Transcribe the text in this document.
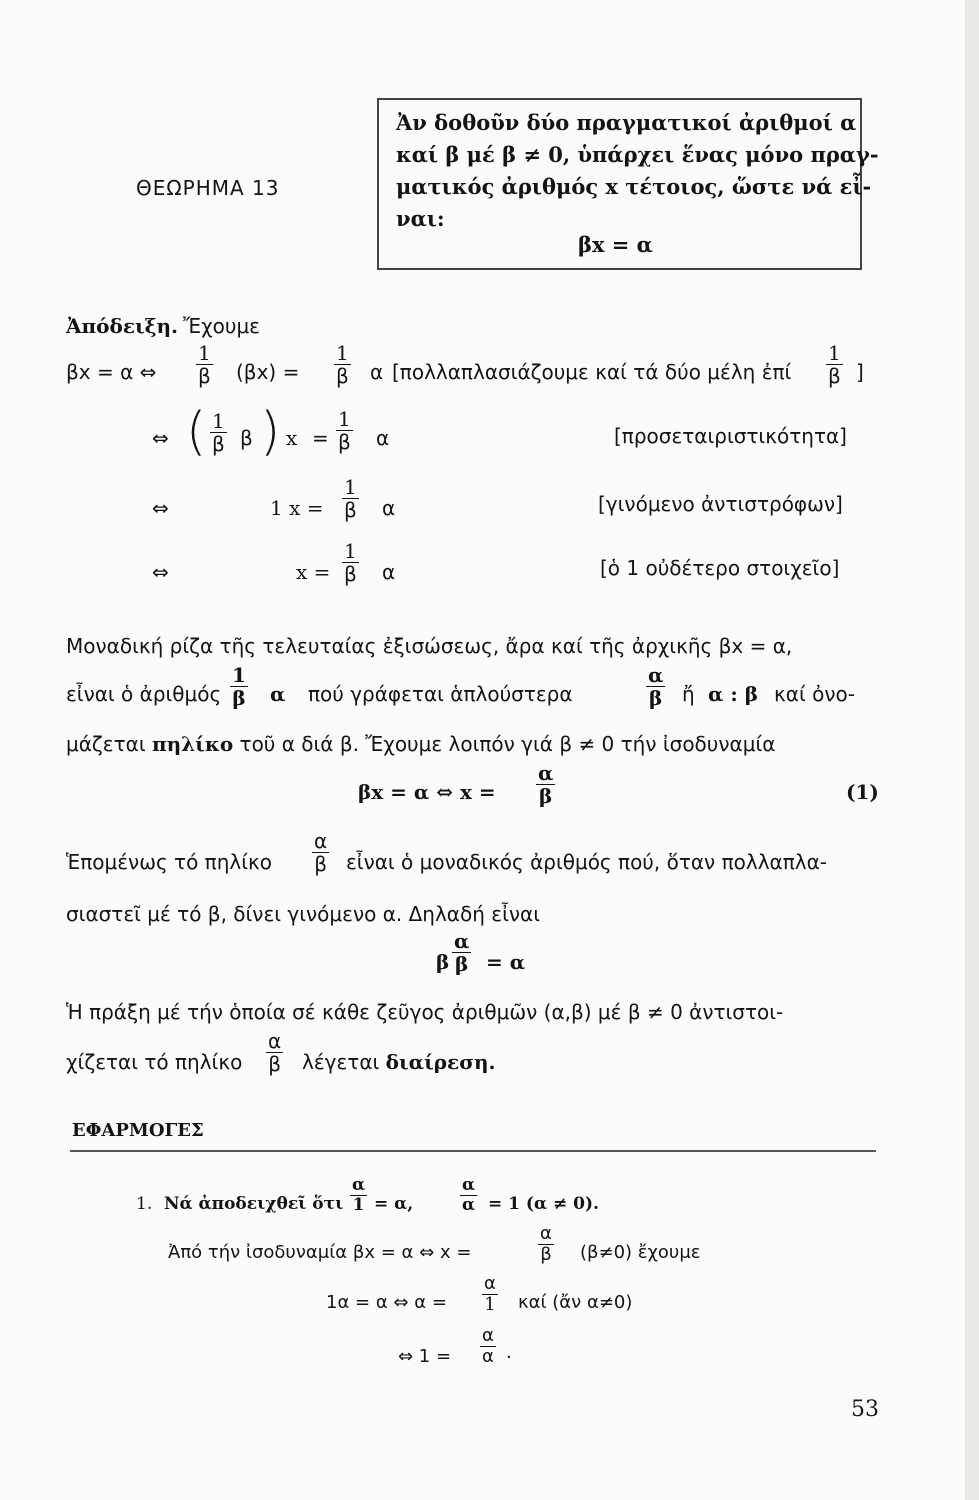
ΘΕΩΡΗΜΑ 13
Ἀν δοθοῦν δύο πραγματικοί ἀριθμοί α
καί β μέ β ≠ 0, ὑπάρχει ἕνας μόνο πραγ-
ματικός ἀριθμός x τέτοιος, ὥστε νά εἶ-
ναι:
βx = α
Ἀπόδειξη. Ἔχουμε
βx = α ⇔ $\frac{1}{\beta} (\beta x) = \frac{1}{\beta}$ α [πολλαπλασιάζουμε καί τά δύο μέλη ἐπί $\frac{1}{\beta}$ ]
⇔ ( $\frac{1}{\beta}$ β ) $x = \frac{1}{\beta}$ α	[προσεταιριστικότητα]
⇔	1 $x = \frac{1}{\beta}$ α	[γινόμενο ἀντιστρόφων]
⇔	$x = \frac{1}{\beta}$ α	[ὁ 1 οὐδέτερο στοιχεῖο]
Μοναδική ρίζα τῆς τελευταίας ἐξισώσεως, ἄρα καί τῆς ἀρχικῆς βx = α,
εἶναι ὁ ἀριθμός $\frac{1}{\beta}$ α πού γράφεται ἁπλούστερα	$\frac{\alpha}{\beta}$ ἤ α : β καί ὀνο-
μάζεται πηλίκο τοῦ α διά β. Ἔχουμε λοιπόν γιά β ≠ 0 τήν ἰσοδυναμία
βx = α ⇔ $x = \frac{\alpha}{\beta}$	(1)
Ἑπομένως τό πηλίκο $\frac{\alpha}{\beta}$ εἶναι ὁ μοναδικός ἀριθμός πού, ὅταν πολλαπλα-
σιαστεῖ μέ τό β, δίνει γινόμενο α. Δηλαδή εἶναι
β $\frac{\alpha}{\beta} = \alpha$
Ἡ πράξη μέ τήν ὁποία σέ κάθε ζεῦγος ἀριθμῶν (α,β) μέ β ≠ 0 ἀντιστοι-
χίζεται τό πηλίκο $\frac{\alpha}{\beta}$ λέγεται διαίρεση.
ΕΦΑΡΜΟΓΕΣ
1. Νά ἀποδειχθεῖ ὅτι $\frac{\alpha}{1} = \alpha$,	$\frac{\alpha}{\alpha} = 1$ (α ≠ 0).
Ἀπό τήν ἰσοδυναμία βx = α ⇔ x =	$\frac{\alpha}{\beta} (\beta\ne 0)$ ἔχουμε
1α = α ⇔ $\alpha = \frac{\alpha}{1}$ καί (ἄν α≠0)
⇔ $1 = \frac{\alpha}{\alpha}$ .
53
